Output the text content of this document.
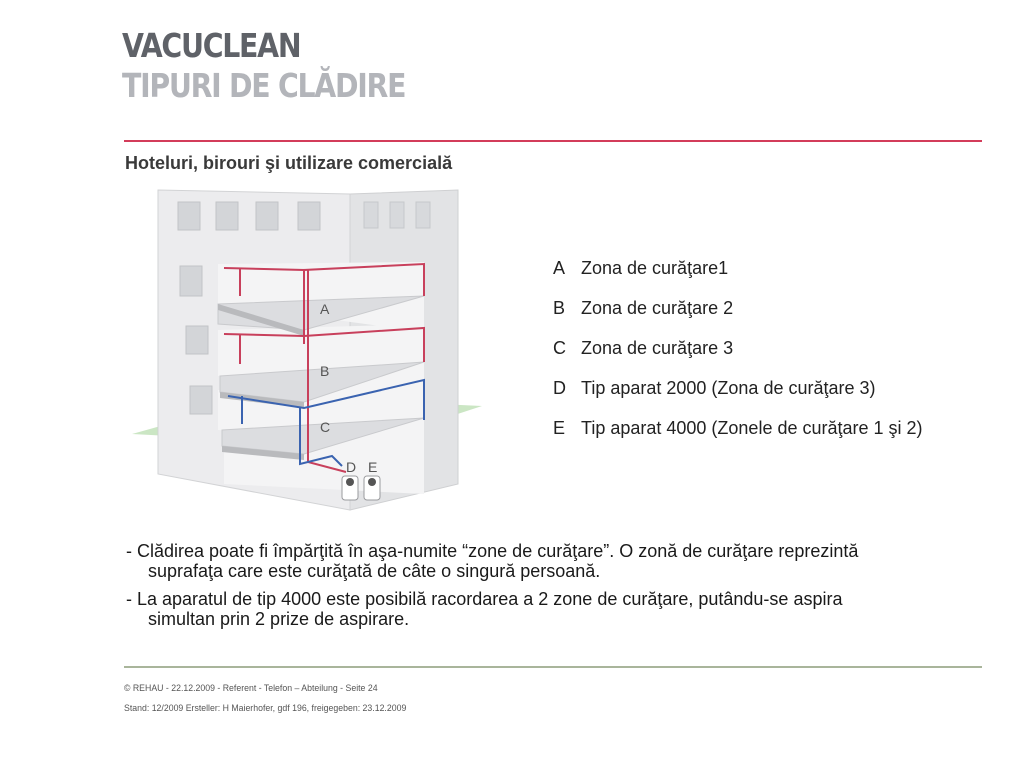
VACUCLEAN
TIPURI DE CLĂDIRE
Hoteluri, birouri şi utilizare comercială
A
B
C
D E
A Zona de curăţare1
B Zona de curăţare 2
C Zona de curăţare 3
D Tip aparat 2000 (Zona de curăţare 3)
E Tip aparat 4000 (Zonele de curăţare 1 şi 2)
- Clădirea poate fi împărţită în aşa-numite “zone de curăţare”. O zonă de curăţare reprezintă
suprafaţa care este curăţată de câte o singură persoană.
- La aparatul de tip 4000 este posibilă racordarea a 2 zone de curăţare, putându-se aspira
simultan prin 2 prize de aspirare.
© REHAU - 22.12.2009 - Referent - Telefon – Abteilung - Seite 24
Stand: 12/2009 Ersteller: H Maierhofer, gdf 196, freigegeben: 23.12.2009
